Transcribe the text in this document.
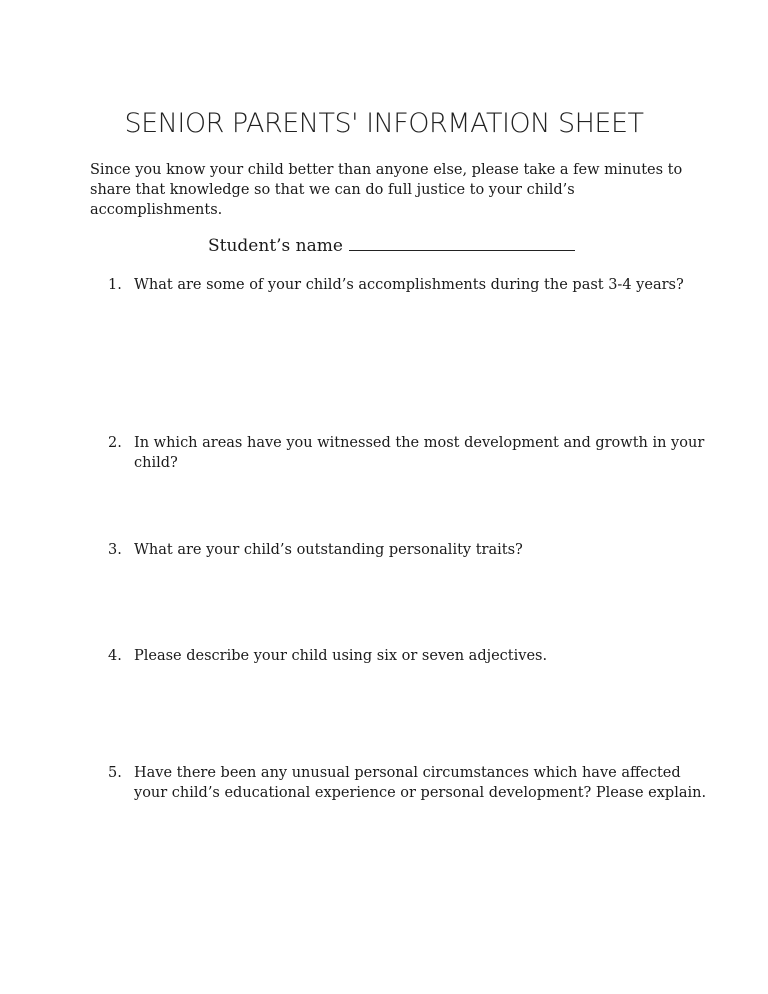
SENIOR PARENTS' INFORMATION SHEET

Since you know your child better than anyone else, please take a few minutes to share that knowledge so that we can do full justice to your child’s accomplishments.

Student’s name

1. What are some of your child’s accomplishments during the past 3-4 years?

2. In which areas have you witnessed the most development and growth in your child?

3. What are your child’s outstanding personality traits?

4. Please describe your child using six or seven adjectives.

5. Have there been any unusual personal circumstances which have affected your child’s educational experience or personal development? Please explain.
